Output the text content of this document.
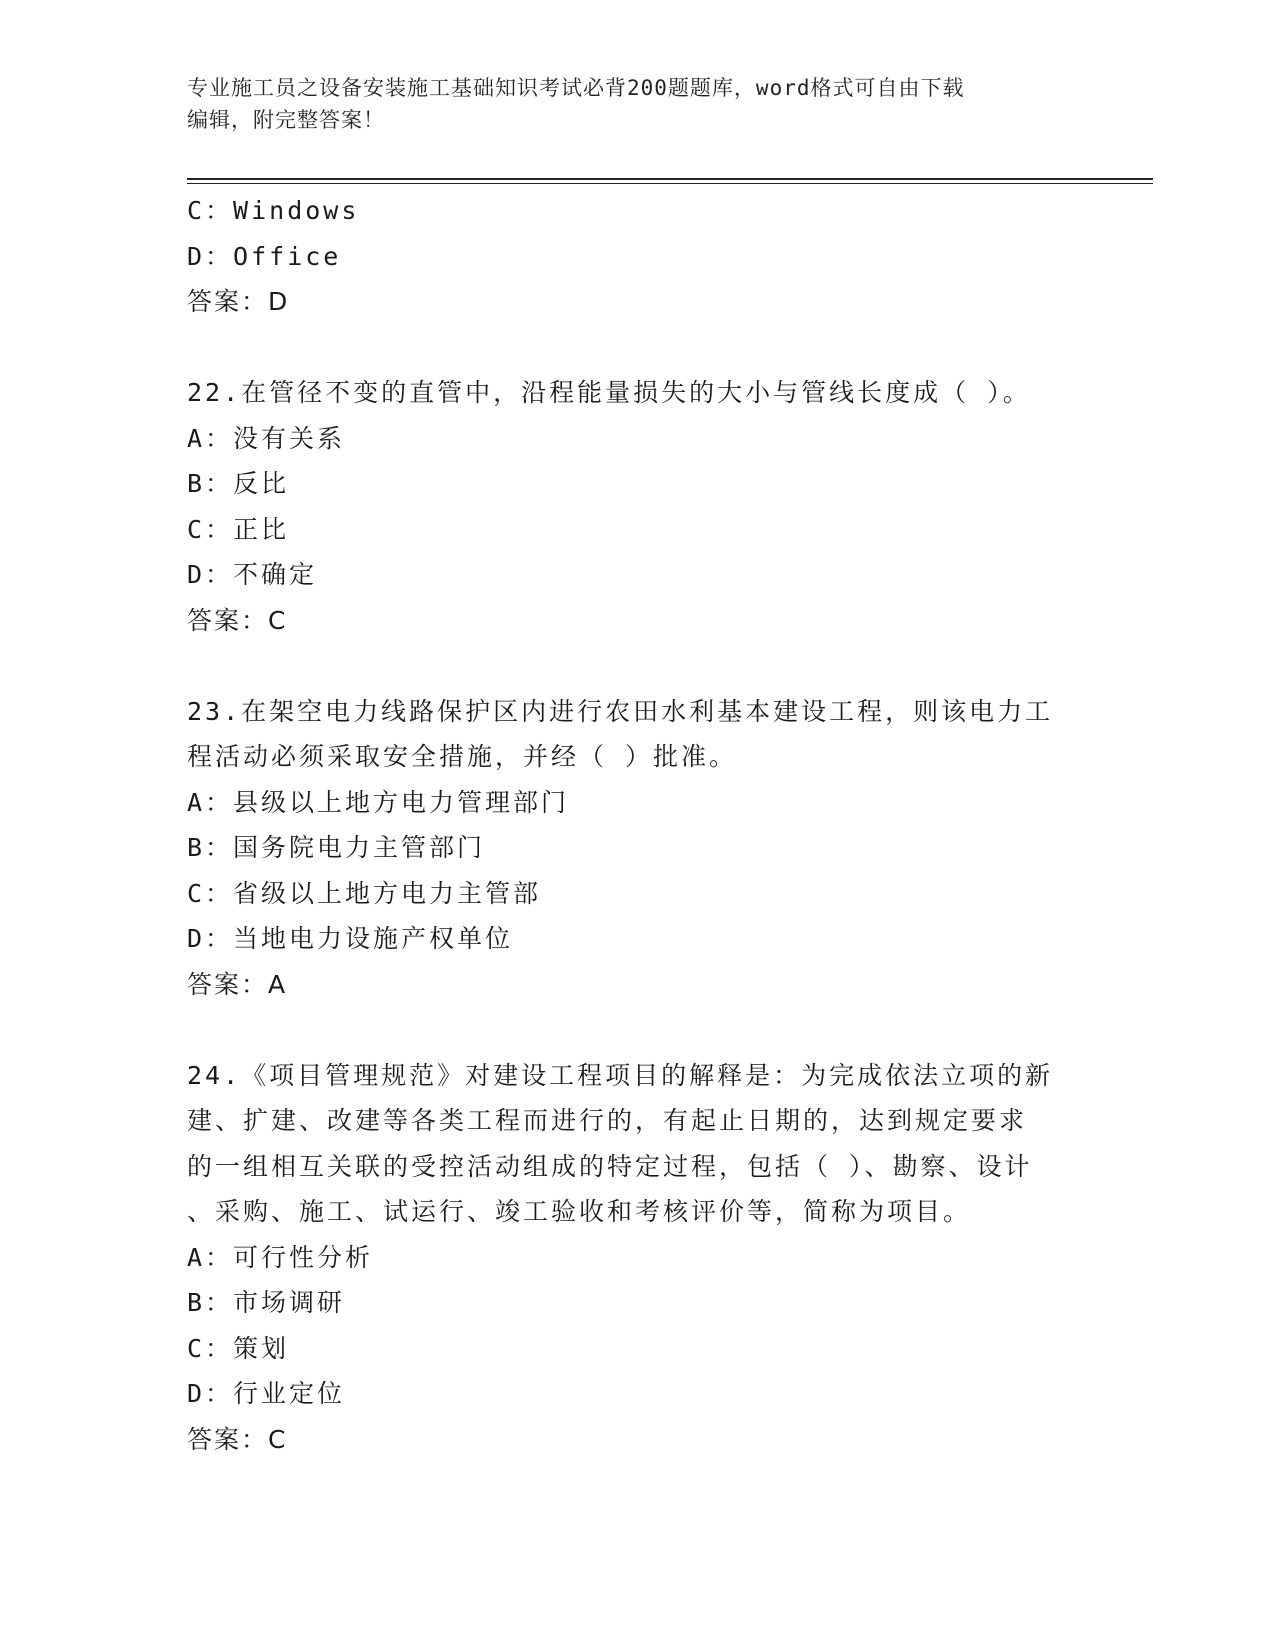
专业施工员之设备安装施工基础知识考试必背200题题库，word格式可自由下载
编辑，附完整答案！
C：Windows
D：Office
答案：D
22.在管径不变的直管中，沿程能量损失的大小与管线长度成（ ）。
A：没有关系
B：反比
C：正比
D：不确定
答案：C
23.在架空电力线路保护区内进行农田水利基本建设工程，则该电力工
程活动必须采取安全措施，并经（ ）批准。
A：县级以上地方电力管理部门
B：国务院电力主管部门
C：省级以上地方电力主管部
D：当地电力设施产权单位
答案：A
24.《项目管理规范》对建设工程项目的解释是：为完成依法立项的新
建、扩建、改建等各类工程而进行的，有起止日期的，达到规定要求
的一组相互关联的受控活动组成的特定过程，包括（ ）、勘察、设计
、采购、施工、试运行、竣工验收和考核评价等，简称为项目。
A：可行性分析
B：市场调研
C：策划
D：行业定位
答案：C
